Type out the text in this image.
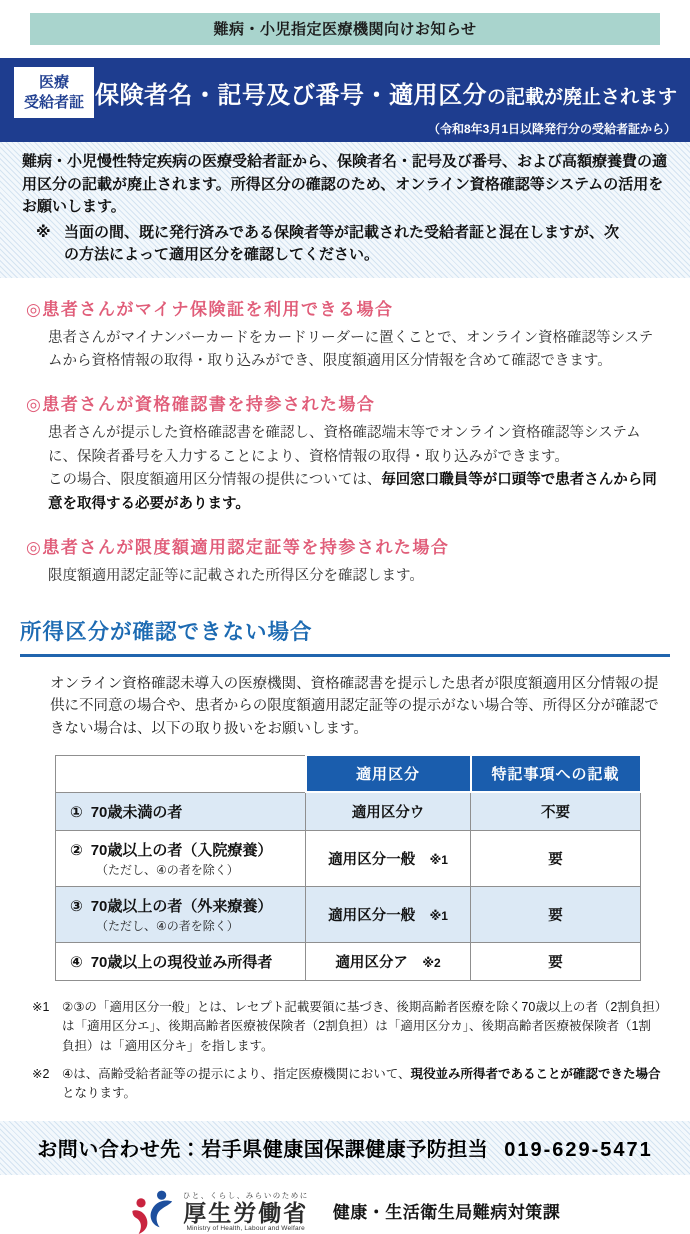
難病・小児指定医療機関向けお知らせ
医療
受給者証 保険者名・記号及び番号・適用区分の記載が廃止されます
（令和8年3月1日以降発行分の受給者証から）
難病・小児慢性特定疾病の医療受給者証から、保険者名・記号及び番号、および高額療養費の適用区分の記載が廃止されます。所得区分の確認のため、オンライン資格確認等システムの活用をお願いします。
※ 当面の間、既に発行済みである保険者等が記載された受給者証と混在しますが、次の方法によって適用区分を確認してください。
◎患者さんがマイナ保険証を利用できる場合
患者さんがマイナンバーカードをカードリーダーに置くことで、オンライン資格確認等システムから資格情報の取得・取り込みができ、限度額適用区分情報を含めて確認できます。
◎患者さんが資格確認書を持参された場合
患者さんが提示した資格確認書を確認し、資格確認端末等でオンライン資格確認等システムに、保険者番号を入力することにより、資格情報の取得・取り込みができます。
この場合、限度額適用区分情報の提供については、毎回窓口職員等が口頭等で患者さんから同意を取得する必要があります。
◎患者さんが限度額適用認定証等を持参された場合
限度額適用認定証等に記載された所得区分を確認します。
所得区分が確認できない場合
オンライン資格確認未導入の医療機関、資格確認書を提示した患者が限度額適用区分情報の提供に不同意の場合や、患者からの限度額適用認定証等の提示がない場合等、所得区分が確認できない場合は、以下の取り扱いをお願いします。
	適用区分	特記事項への記載
① 70歳未満の者	適用区分ウ	不要

② 70歳以上の者（入院療養）
（ただし、④の者を除く）	適用区分一般　 ※1	要

③ 70歳以上の者（外来療養）
（ただし、④の者を除く）	適用区分一般　 ※1	要
④ 70歳以上の現役並み所得者	適用区分ア　 ※2	要
※1	②③の「適用区分一般」とは、レセプト記載要領に基づき、後期高齢者医療を除く70歳以上の者（2割負担）は「適用区分エ」、後期高齢者医療被保険者（2割負担）は「適用区分カ」、後期高齢者医療被保険者（1割負担）は「適用区分キ」を指します。
※2	④は、高齢受給者証等の提示により、指定医療機関において、現役並み所得者であることが確認できた場合となります。
お問い合わせ先：岩手県健康国保課健康予防担当 019-629-5471
ひと、くらし、みらいのために
厚生労働省
Ministry of Health, Labour and Welfare
健康・生活衛生局難病対策課
